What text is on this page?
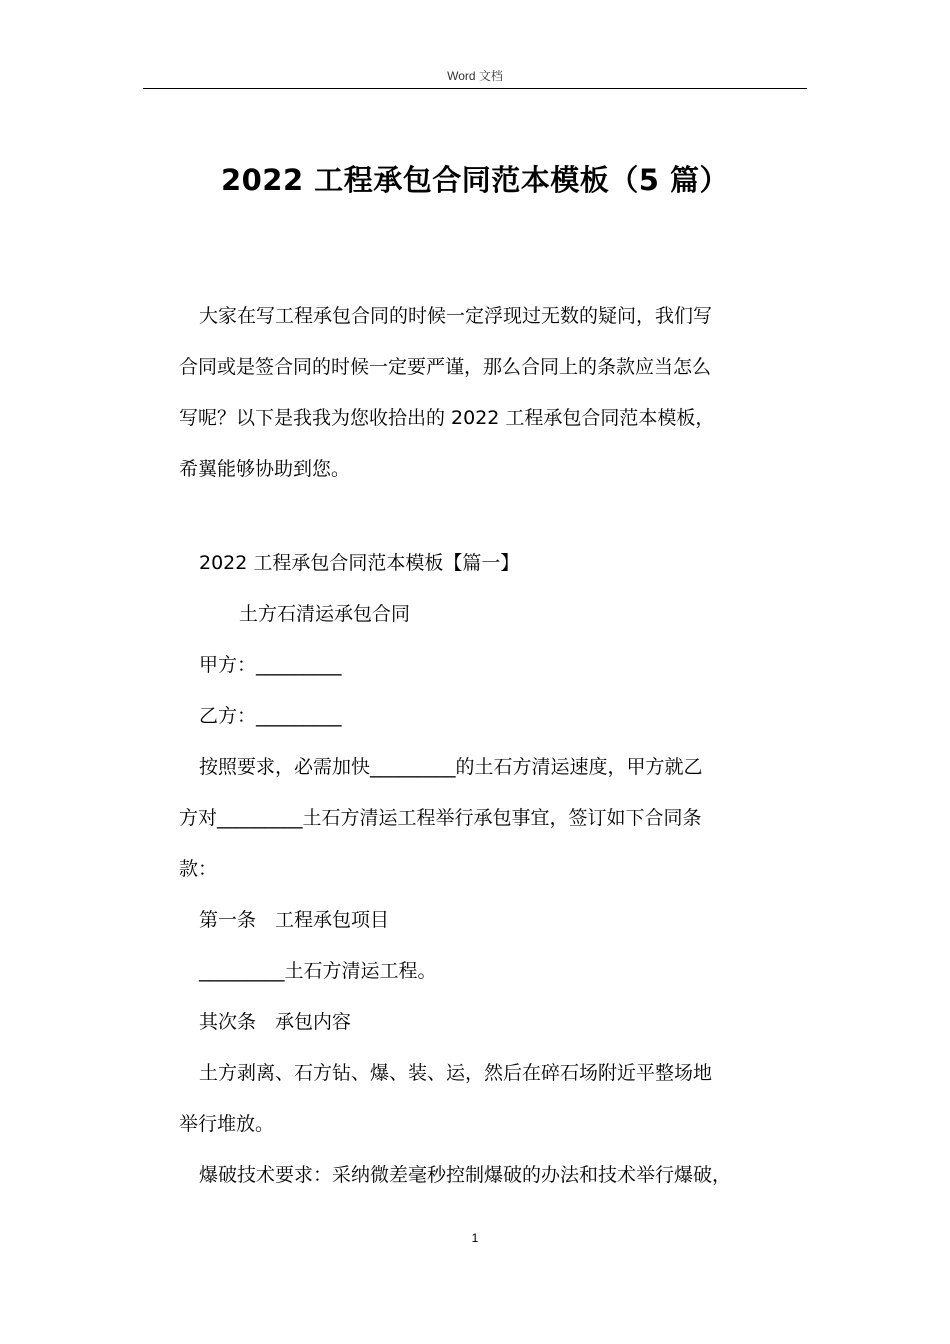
Word 文档
2022 工程承包合同范本模板（5 篇）

大家在写工程承包合同的时候一定浮现过无数的疑问，我们写

合同或是签合同的时候一定要严谨，那么合同上的条款应当怎么

写呢？以下是我我为您收拾出的 2022 工程承包合同范本模板，

希翼能够协助到您。

2022 工程承包合同范本模板【篇一】

土方石清运承包合同

甲方：_________

乙方：_________

按照要求，必需加快_________的土石方清运速度，甲方就乙

方对_________土石方清运工程举行承包事宜，签订如下合同条

款：

第一条　工程承包项目

_________土石方清运工程。

其次条　承包内容

土方剥离、石方钻、爆、装、运，然后在碎石场附近平整场地

举行堆放。

爆破技术要求：采纳微差毫秒控制爆破的办法和技术举行爆破，

1
